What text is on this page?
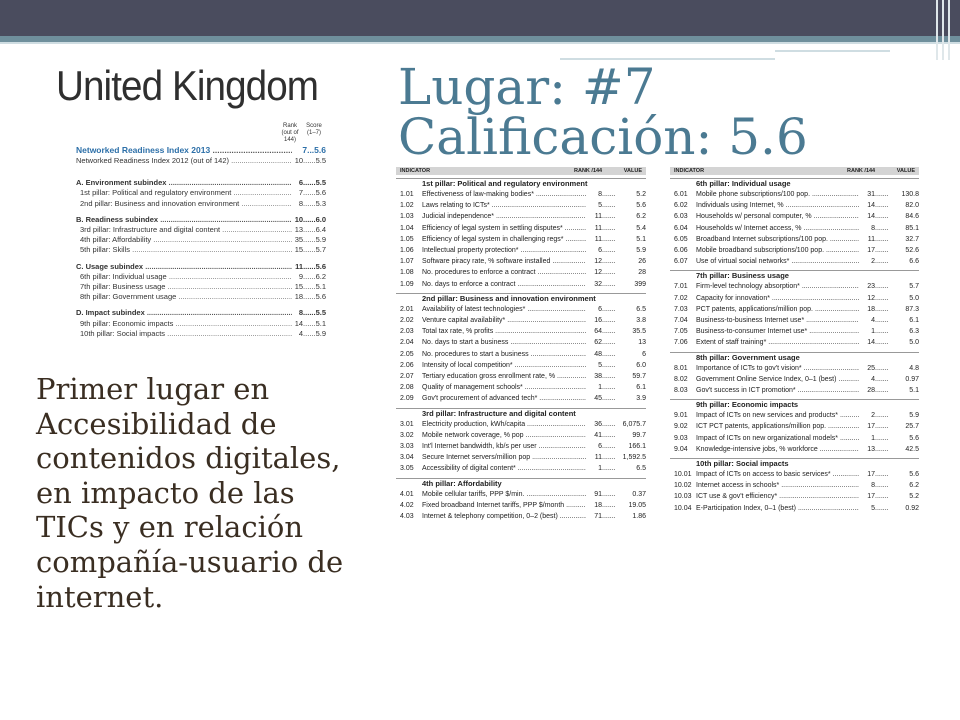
United Kingdom Lugar: #7
Calificación: 5.6
Rank
(out of 144)
Score
(1–7)
Networked Readiness Index 2013 .....	7...5.6
Networked Readiness Index 2012 (out of 142) .....	10......5.5
A. Environment subindex .....	6......5.5
1st pillar: Political and regulatory environment .....	7......5.6
2nd pillar: Business and innovation environment .....	8......5.3
B. Readiness subindex .....	10......6.0
3rd pillar: Infrastructure and digital content .....	13......6.4
4th pillar: Affordability .....	35......5.9
5th pillar: Skills .....	15......5.7
C. Usage subindex .....	11......5.6
6th pillar: Individual usage .....	9......6.2
7th pillar: Business usage .....	15......5.1
8th pillar: Government usage .....	18......5.6
D. Impact subindex .....	8......5.5
9th pillar: Economic impacts .....	14......5.1
10th pillar: Social impacts .....	4......5.9
Primer lugar en
Accesibilidad de
contenidos digitales,
en impacto de las
TICs y en relación
compañía-usuario de
internet.
INDICATOR	RANK /144	VALUE
1st pillar: Political and regulatory environment
1.01	Effectiveness of law-making bodies* .....	8 .....	5.2
1.02	Laws relating to ICTs* .....	5 .....	5.6
1.03	Judicial independence* .....	11 .....	6.2
1.04	Efficiency of legal system in settling disputes* .....	11 .....	5.4
1.05	Efficiency of legal system in challenging regs* .....	11 .....	5.1
1.06	Intellectual property protection* .....	6 .....	5.9
1.07	Software piracy rate, % software installed .....	12 .....	26
1.08	No. procedures to enforce a contract .....	12 .....	28
1.09	No. days to enforce a contract .....	32 .....	399
2nd pillar: Business and innovation environment
2.01	Availability of latest technologies* .....	6 .....	6.5
2.02	Venture capital availability* .....	16 .....	3.8
2.03	Total tax rate, % profits .....	64 .....	35.5
2.04	No. days to start a business .....	62 .....	13
2.05	No. procedures to start a business .....	48 .....	6
2.06	Intensity of local competition* .....	5 .....	6.0
2.07	Tertiary education gross enrollment rate, % .....	38 .....	59.7
2.08	Quality of management schools* .....	1 .....	6.1
2.09	Gov't procurement of advanced tech* .....	45 .....	3.9
3rd pillar: Infrastructure and digital content
3.01	Electricity production, kWh/capita .....	36 .....	6,075.7
3.02	Mobile network coverage, % pop .....	41 .....	99.7
3.03	Int'l Internet bandwidth, kb/s per user .....	6 .....	166.1
3.04	Secure Internet servers/million pop .....	11 .....	1,592.5
3.05	Accessibility of digital content* .....	1 .....	6.5
4th pillar: Affordability
4.01	Mobile cellular tariffs, PPP $/min. .....	91 .....	0.37
4.02	Fixed broadband Internet tariffs, PPP $/month .....	18 .....	19.05
4.03	Internet & telephony competition, 0–2 (best) .....	71 .....	1.86
INDICATOR	RANK /144	VALUE
6th pillar: Individual usage
6.01	Mobile phone subscriptions/100 pop. .....	31 .....	130.8
6.02	Individuals using Internet, % .....	14 .....	82.0
6.03	Households w/ personal computer, % .....	14 .....	84.6
6.04	Households w/ Internet access, % .....	8 .....	85.1
6.05	Broadband Internet subscriptions/100 pop. .....	11 .....	32.7
6.06	Mobile broadband subscriptions/100 pop. .....	17 .....	52.6
6.07	Use of virtual social networks* .....	2 .....	6.6
7th pillar: Business usage
7.01	Firm-level technology absorption* .....	23 .....	5.7
7.02	Capacity for innovation* .....	12 .....	5.0
7.03	PCT patents, applications/million pop. .....	18 .....	87.3
7.04	Business-to-business Internet use* .....	4 .....	6.1
7.05	Business-to-consumer Internet use* .....	1 .....	6.3
7.06	Extent of staff training* .....	14 .....	5.0
8th pillar: Government usage
8.01	Importance of ICTs to gov't vision* .....	25 .....	4.8
8.02	Government Online Service Index, 0–1 (best) .....	4 .....	0.97
8.03	Gov't success in ICT promotion* .....	28 .....	5.1
9th pillar: Economic impacts
9.01	Impact of ICTs on new services and products* .....	2 .....	5.9
9.02	ICT PCT patents, applications/million pop. .....	17 .....	25.7
9.03	Impact of ICTs on new organizational models* .....	1 .....	5.6
9.04	Knowledge-intensive jobs, % workforce .....	13 .....	42.5
10th pillar: Social impacts
10.01 Impact of ICTs on access to basic services* .....	17 .....	5.6
10.02 Internet access in schools* .....	8 .....	6.2
10.03 ICT use & gov't efficiency* .....	17 .....	5.2
10.04 E-Participation Index, 0–1 (best) .....	5 .....	0.92
